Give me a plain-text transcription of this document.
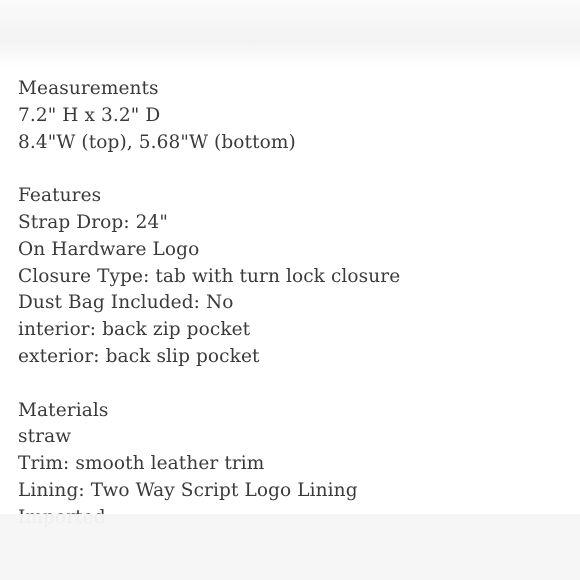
Measurements
7.2" H x 3.2" D
8.4"W (top), 5.68"W (bottom)
Features
Strap Drop: 24"
On Hardware Logo
Closure Type: tab with turn lock closure
Dust Bag Included: No
interior: back zip pocket
exterior: back slip pocket
Materials
straw
Trim: smooth leather trim
Lining: Two Way Script Logo Lining
